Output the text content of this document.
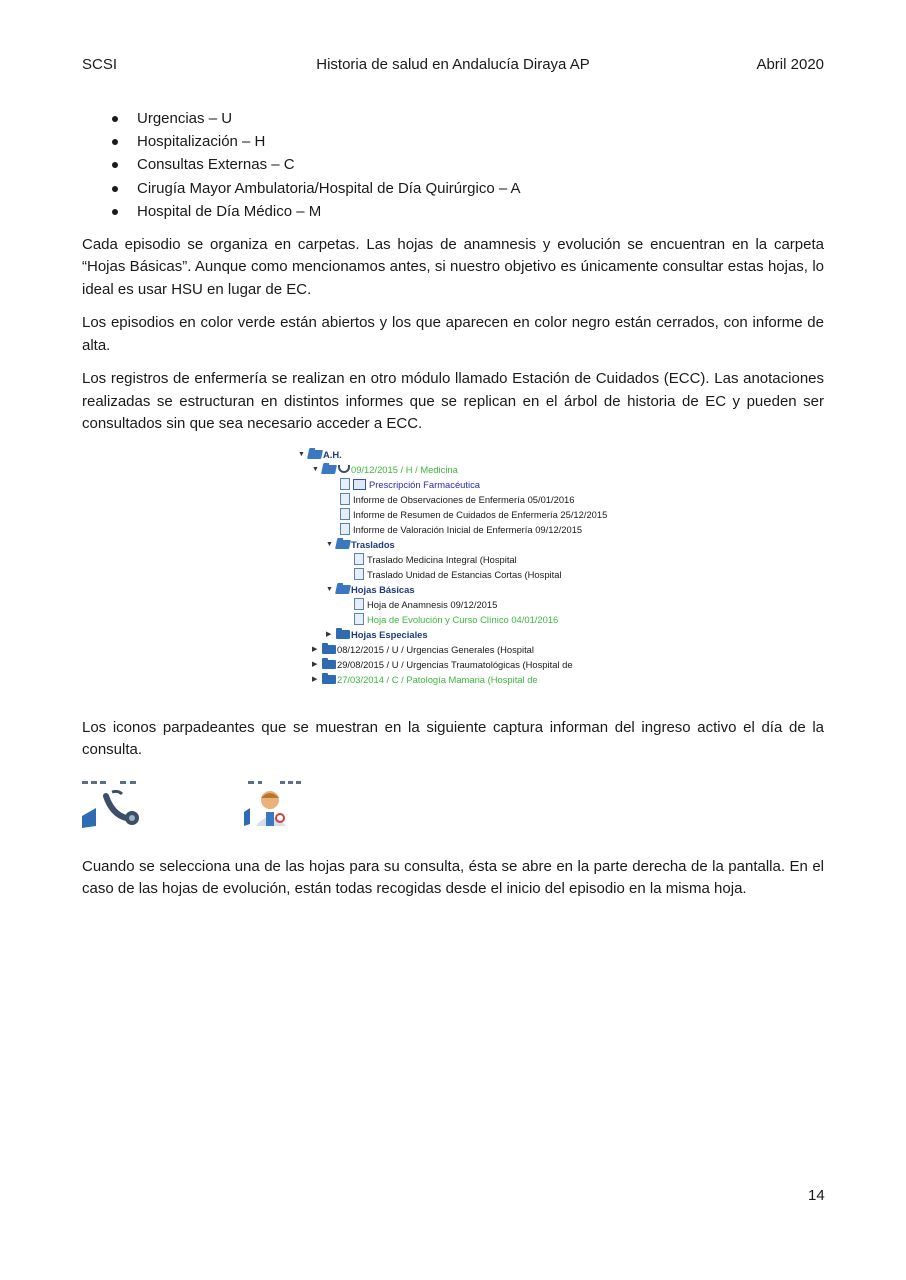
SCSI	Historia de salud en Andalucía Diraya AP	Abril 2020
Urgencias – U
Hospitalización – H
Consultas Externas – C
Cirugía Mayor Ambulatoria/Hospital de Día Quirúrgico – A
Hospital de Día Médico – M

Cada episodio se organiza en carpetas. Las hojas de anamnesis y evolución se encuentran en la carpeta “Hojas Básicas”. Aunque como mencionamos antes, si nuestro objetivo es únicamente consultar estas hojas, lo ideal es usar HSU en lugar de EC.

Los episodios en color verde están abiertos y los que aparecen en color negro están cerrados, con informe de alta.

Los registros de enfermería se realizan en otro módulo llamado Estación de Cuidados (ECC). Las anotaciones realizadas se estructuran en distintos informes que se replican en el árbol de historia de EC y pueden ser consultados sin que sea necesario acceder a ECC.

▼ A.H.
▼	09/12/2015 / H / Medicina
Prescripción Farmacéutica
Informe de Observaciones de Enfermería 05/01/2016
Informe de Resumen de Cuidados de Enfermería 25/12/2015
Informe de Valoración Inicial de Enfermería 09/12/2015
▼ Traslados
Traslado Medicina Integral (Hospital
Traslado Unidad de Estancias Cortas (Hospital
▼ Hojas Básicas
Hoja de Anamnesis 09/12/2015
Hoja de Evolución y Curso Clínico 04/01/2016
▶ Hojas Especiales
▶ 08/12/2015 / U / Urgencias Generales (Hospital
▶ 29/08/2015 / U / Urgencias Traumatológicas (Hospital de
▶ 27/03/2014 / C / Patología Mamaria (Hospital de

Los iconos parpadeantes que se muestran en la siguiente captura informan del ingreso activo el día de la consulta.

Cuando se selecciona una de las hojas para su consulta, ésta se abre en la parte derecha de la pantalla. En el caso de las hojas de evolución, están todas recogidas desde el inicio del episodio en la misma hoja.

14
